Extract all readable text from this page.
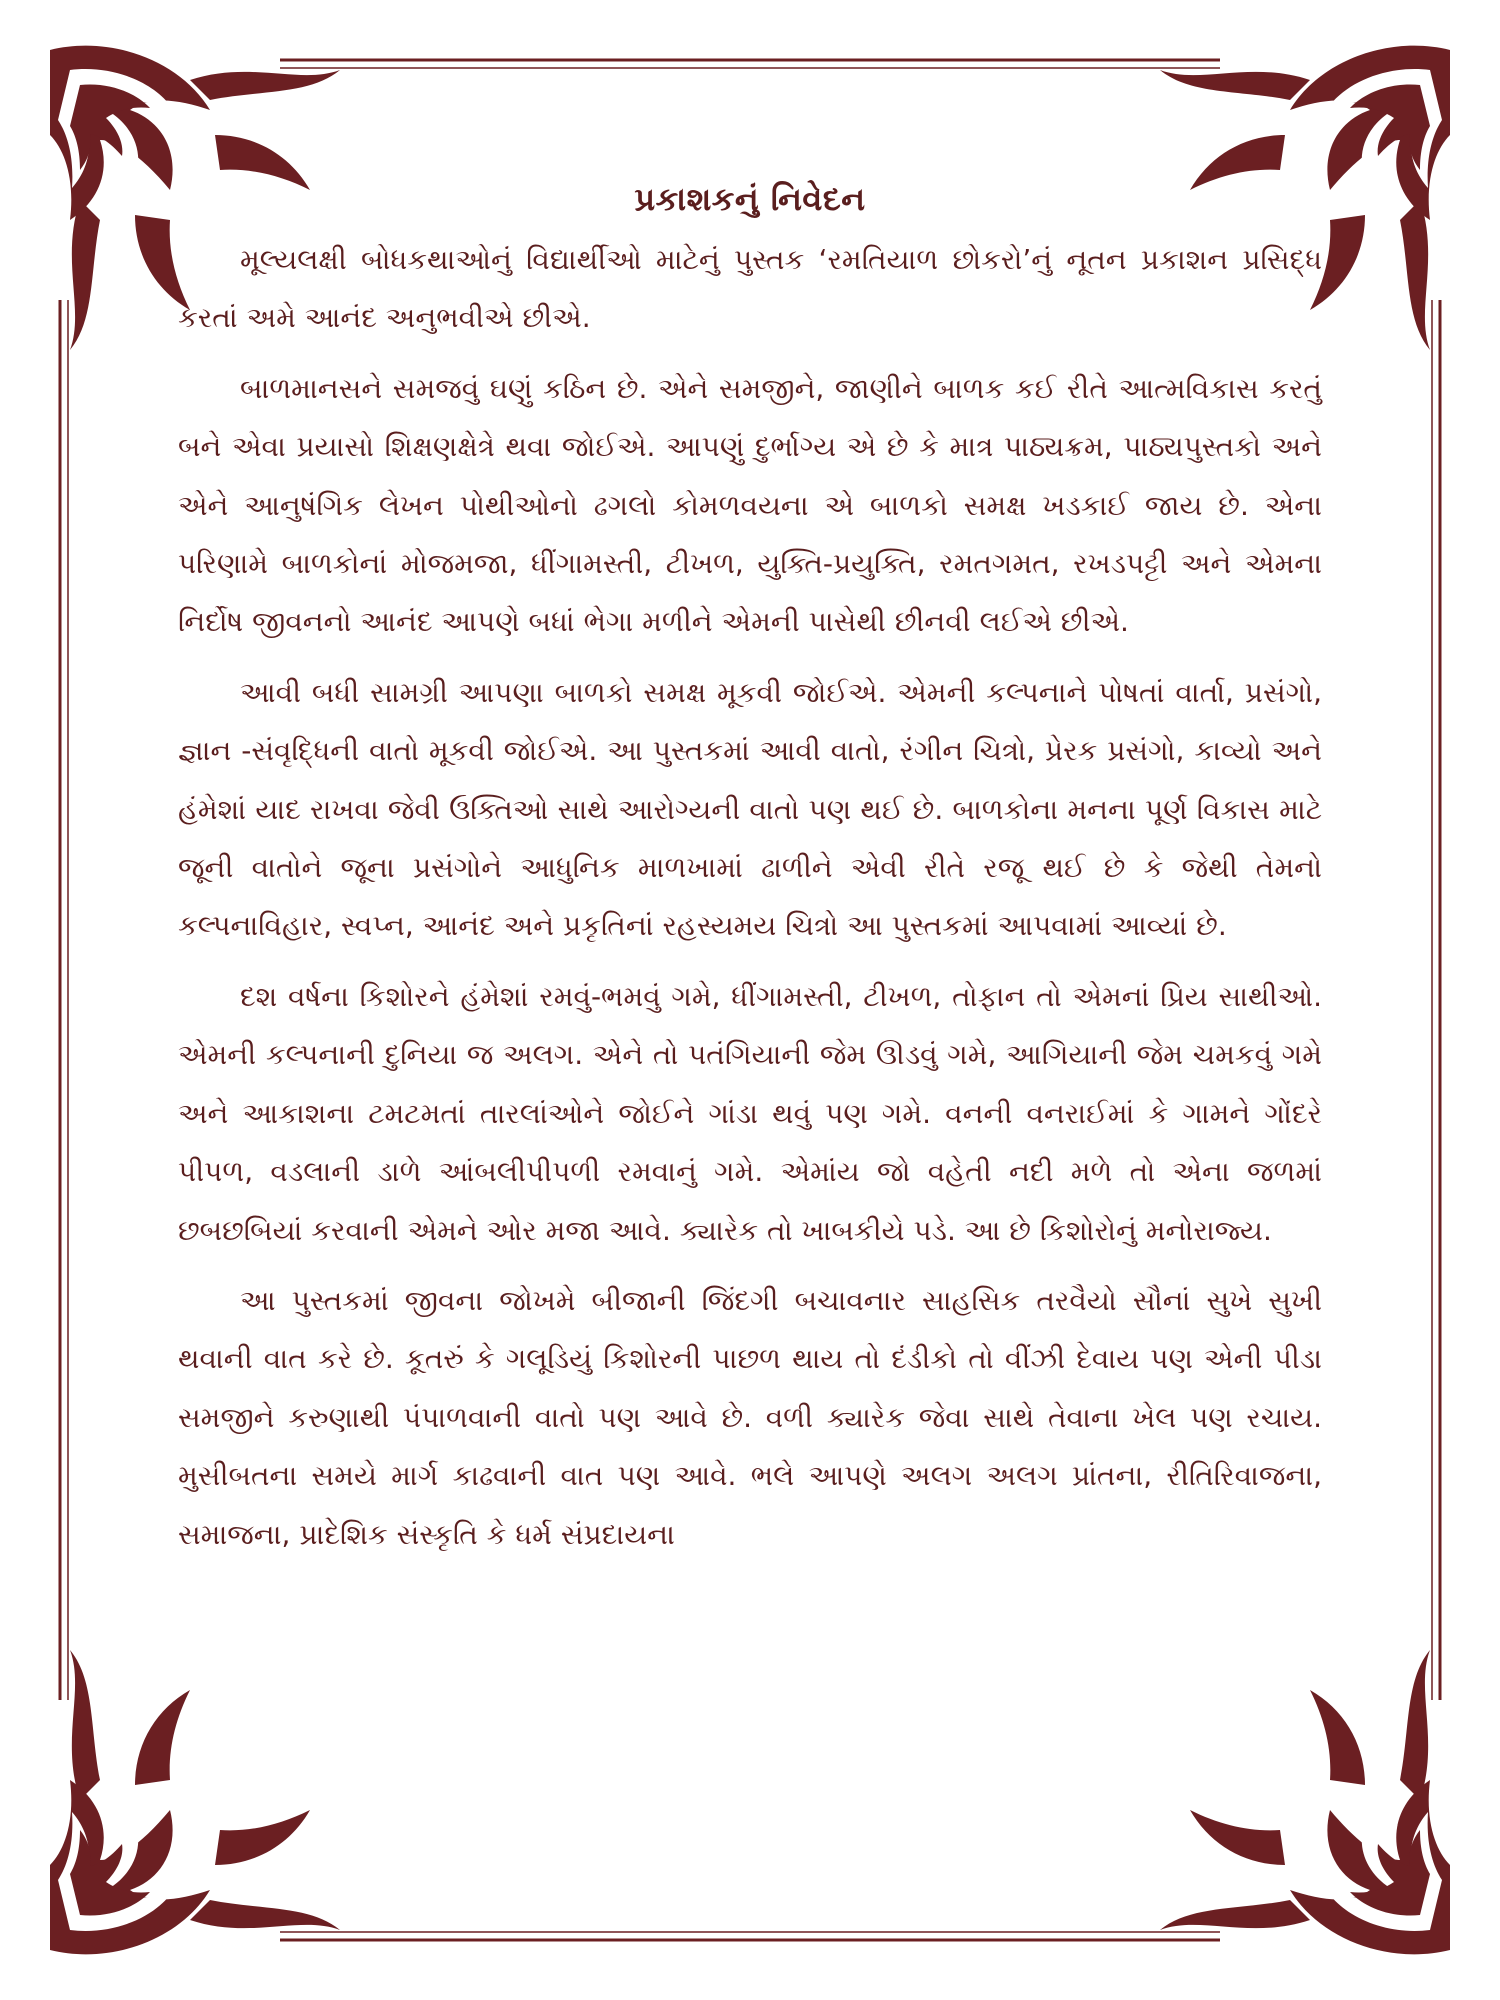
પ્રકાશકનું નિવેદન

મૂલ્યલક્ષી બોધકથાઓનું વિદ્યાર્થીઓ માટેનું પુસ્તક ‘રમતિયાળ છોકરો’નું નૂતન પ્રકાશન પ્રસિદ્ધ કરતાં અમે આનંદ અનુભવીએ છીએ.

બાળમાનસને સમજવું ઘણું કઠિન છે. એને સમજીને, જાણીને બાળક કઈ રીતે આત્મવિકાસ કરતું બને એવા પ્રયાસો શિક્ષણક્ષેત્રે થવા જોઈએ. આપણું દુર્ભાગ્ય એ છે કે માત્ર પાઠ્યક્રમ, પાઠ્યપુસ્તકો અને એને આનુષંગિક લેખન પોથીઓનો ઢગલો કોમળવયના એ બાળકો સમક્ષ ખડકાઈ જાય છે. એના પરિણામે બાળકોનાં મોજમજા, ધીંગામસ્તી, ટીખળ, યુક્તિ-પ્રયુક્તિ, રમતગમત, રખડપટ્ટી અને એમના નિર્દોષ જીવનનો આનંદ આપણે બધાં ભેગા મળીને એમની પાસેથી છીનવી લઈએ છીએ.

આવી બધી સામગ્રી આપણા બાળકો સમક્ષ મૂકવી જોઈએ. એમની કલ્પનાને પોષતાં વાર્તા, પ્રસંગો, જ્ઞાન -સંવૃદ્ધિની વાતો મૂકવી જોઈએ. આ પુસ્તકમાં આવી વાતો, રંગીન ચિત્રો, પ્રેરક પ્રસંગો, કાવ્યો અને હંમેશાં યાદ રાખવા જેવી ઉક્તિઓ સાથે આરોગ્યની વાતો પણ થઈ છે. બાળકોના મનના પૂર્ણ વિકાસ માટે જૂની વાતોને જૂના પ્રસંગોને આધુનિક માળખામાં ઢાળીને એવી રીતે રજૂ થઈ છે કે જેથી તેમનો કલ્પનાવિહાર, સ્વપ્ન, આનંદ અને પ્રકૃતિનાં રહસ્યમય ચિત્રો આ પુસ્તકમાં આપવામાં આવ્યાં છે.

દશ વર્ષના કિશોરને હંમેશાં રમવું-ભમવું ગમે, ધીંગામસ્તી, ટીખળ, તોફાન તો એમનાં પ્રિય સાથીઓ. એમની કલ્પનાની દુનિયા જ અલગ. એને તો પતંગિયાની જેમ ઊડવું ગમે, આગિયાની જેમ ચમકવું ગમે અને આકાશના ટમટમતાં તારલાંઓને જોઈને ગાંડા થવું પણ ગમે. વનની વનરાઈમાં કે ગામને ગોંદરે પીપળ, વડલાની ડાળે આંબલીપીપળી રમવાનું ગમે. એમાંય જો વહેતી નદી મળે તો એના જળમાં છબછબિયાં કરવાની એમને ઓર મજા આવે. ક્યારેક તો ખાબકીયે પડે. આ છે કિશોરોનું મનોરાજ્ય.

આ પુસ્તકમાં જીવના જોખમે બીજાની જિંદગી બચાવનાર સાહસિક તરવૈયો સૌનાં સુખે સુખી થવાની વાત કરે છે. કૂતરું કે ગલૂડિયું કિશોરની પાછળ થાય તો દંડીકો તો વીંઝી દેવાય પણ એની પીડા સમજીને કરુણાથી પંપાળવાની વાતો પણ આવે છે. વળી ક્યારેક જેવા સાથે તેવાના ખેલ પણ રચાય. મુસીબતના સમયે માર્ગ કાઢવાની વાત પણ આવે. ભલે આપણે અલગ અલગ પ્રાંતના, રીતિરિવાજના, સમાજના, પ્રાદેશિક સંસ્કૃતિ કે ધર્મ સંપ્રદાયના
